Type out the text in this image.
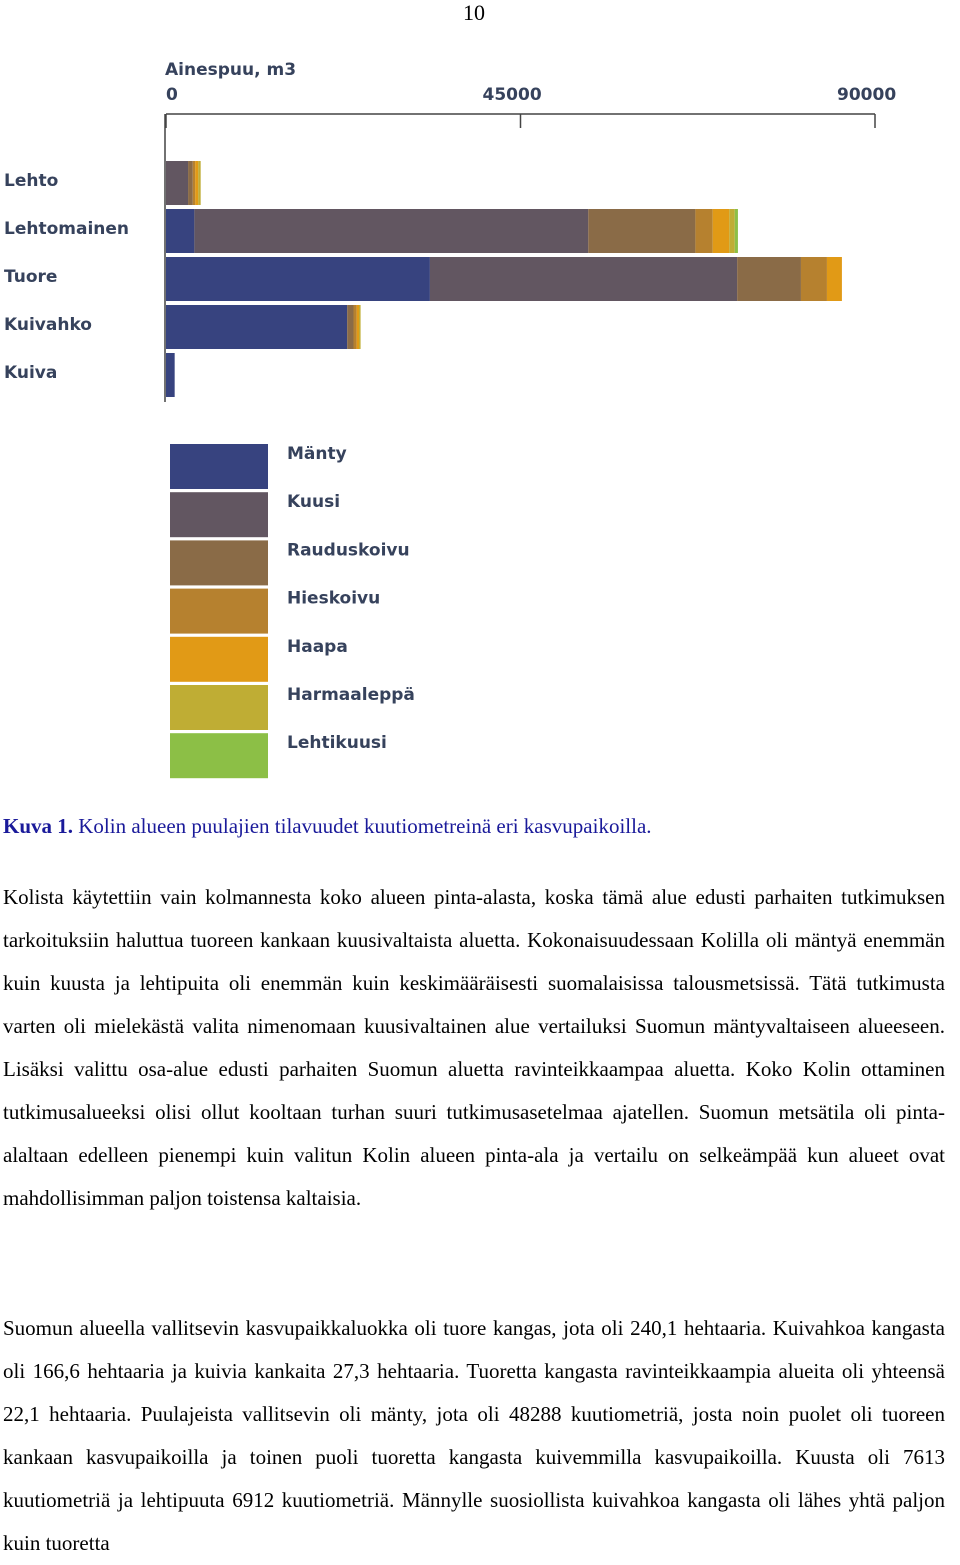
10
Ainespuu, m3
0	45000	90000
Lehto
Lehtomainen
Tuore
Kuivahko
Kuiva
Mänty
Kuusi
Rauduskoivu
Hieskoivu
Haapa
Harmaaleppä
Lehtikuusi
Kuva 1. Kolin alueen puulajien tilavuudet kuutiometreinä eri kasvupaikoilla.

Kolista käytettiin vain kolmannesta koko alueen pinta-alasta, koska tämä alue edusti parhaiten tutkimuksen tarkoituksiin haluttua tuoreen kankaan kuusivaltaista aluetta. Kokonaisuudessaan Kolilla oli mäntyä enemmän kuin kuusta ja lehtipuita oli enemmän kuin keskimääräisesti suomalaisissa talousmetsissä. Tätä tutkimusta varten oli mielekästä valita nimenomaan kuusivaltainen alue vertailuksi Suomun mäntyvaltaiseen alueeseen. Lisäksi valittu osa-alue edusti parhaiten Suomun aluetta ravinteikkaampaa aluetta. Koko Kolin ottaminen tutkimusalueeksi olisi ollut kooltaan turhan suuri tutkimusasetelmaa ajatellen. Suomun metsätila oli pinta-alaltaan edelleen pienempi kuin valitun Kolin alueen pinta-ala ja vertailu on selkeämpää kun alueet ovat mahdollisimman paljon toistensa kaltaisia.

Suomun alueella vallitsevin kasvupaikkaluokka oli tuore kangas, jota oli 240,1 hehtaaria. Kuivahkoa kangasta oli 166,6 hehtaaria ja kuivia kankaita 27,3 hehtaaria. Tuoretta kangasta ravinteikkaampia alueita oli yhteensä 22,1 hehtaaria. Puulajeista vallitsevin oli mänty, jota oli 48288 kuutiometriä, josta noin puolet oli tuoreen kankaan kasvupaikoilla ja toinen puoli tuoretta kangasta kuivemmilla kasvupaikoilla. Kuusta oli 7613 kuutiometriä ja lehtipuuta 6912 kuutiometriä. Männylle suosiollista kuivahkoa kangasta oli lähes yhtä paljon kuin tuoretta
